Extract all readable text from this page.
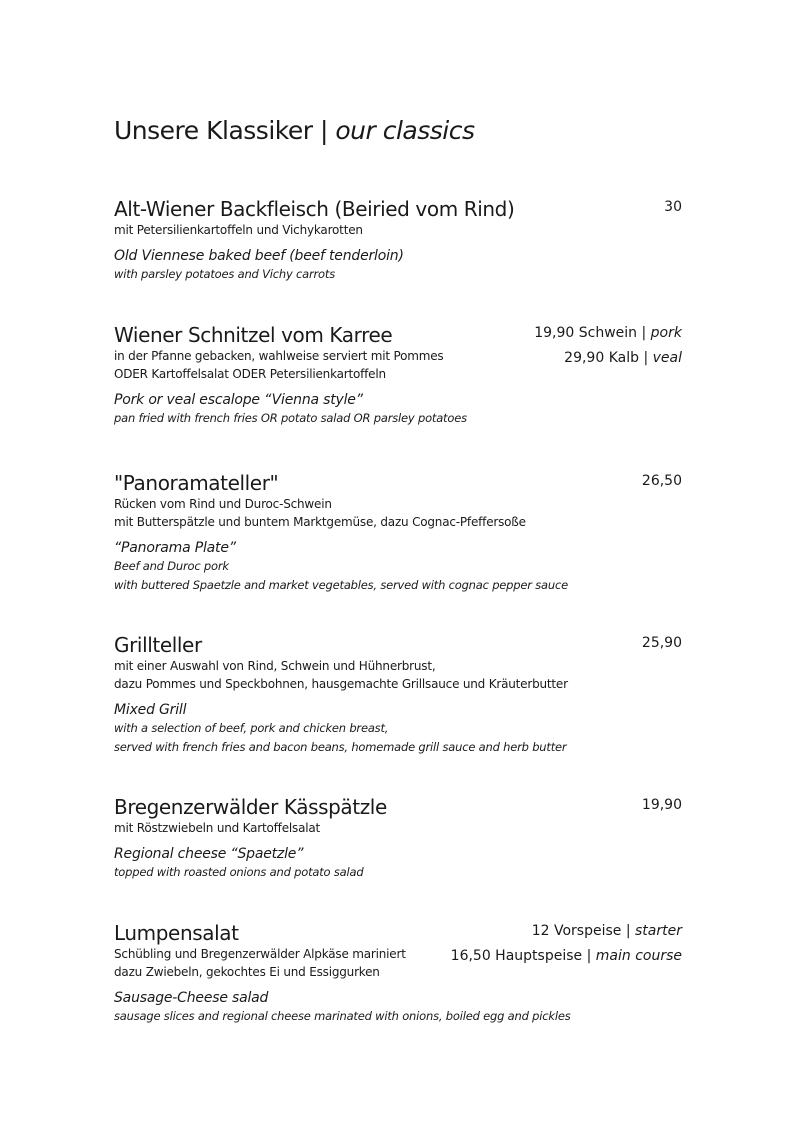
Unsere Klassiker | our classics
Alt-Wiener Backfleisch (Beiried vom Rind)	30
mit Petersilienkartoffeln und Vichykarotten
Old Viennese baked beef (beef tenderloin)
with parsley potatoes and Vichy carrots
Wiener Schnitzel vom Karree	19,90 Schwein | pork
in der Pfanne gebacken, wahlweise serviert mit Pommes
ODER Kartoffelsalat ODER Petersilienkartoffeln
29,90 Kalb | veal
Pork or veal escalope “Vienna style”
pan fried with french fries OR potato salad OR parsley potatoes
"Panoramateller"	26,50
Rücken vom Rind und Duroc-Schwein
mit Butterspätzle und buntem Marktgemüse, dazu Cognac-Pfeffersoße
“Panorama Plate”
Beef and Duroc pork
with buttered Spaetzle and market vegetables, served with cognac pepper sauce
Grillteller	25,90
mit einer Auswahl von Rind, Schwein und Hühnerbrust,
dazu Pommes und Speckbohnen, hausgemachte Grillsauce und Kräuterbutter
Mixed Grill
with a selection of beef, pork and chicken breast,
served with french fries and bacon beans, homemade grill sauce and herb butter
Bregenzerwälder Kässpätzle	19,90
mit Röstzwiebeln und Kartoffelsalat
Regional cheese “Spaetzle”
topped with roasted onions and potato salad
Lumpensalat	12 Vorspeise | starter
Schübling und Bregenzerwälder Alpkäse mariniert
dazu Zwiebeln, gekochtes Ei und Essiggurken
16,50 Hauptspeise | main course
Sausage-Cheese salad
sausage slices and regional cheese marinated with onions, boiled egg and pickles
